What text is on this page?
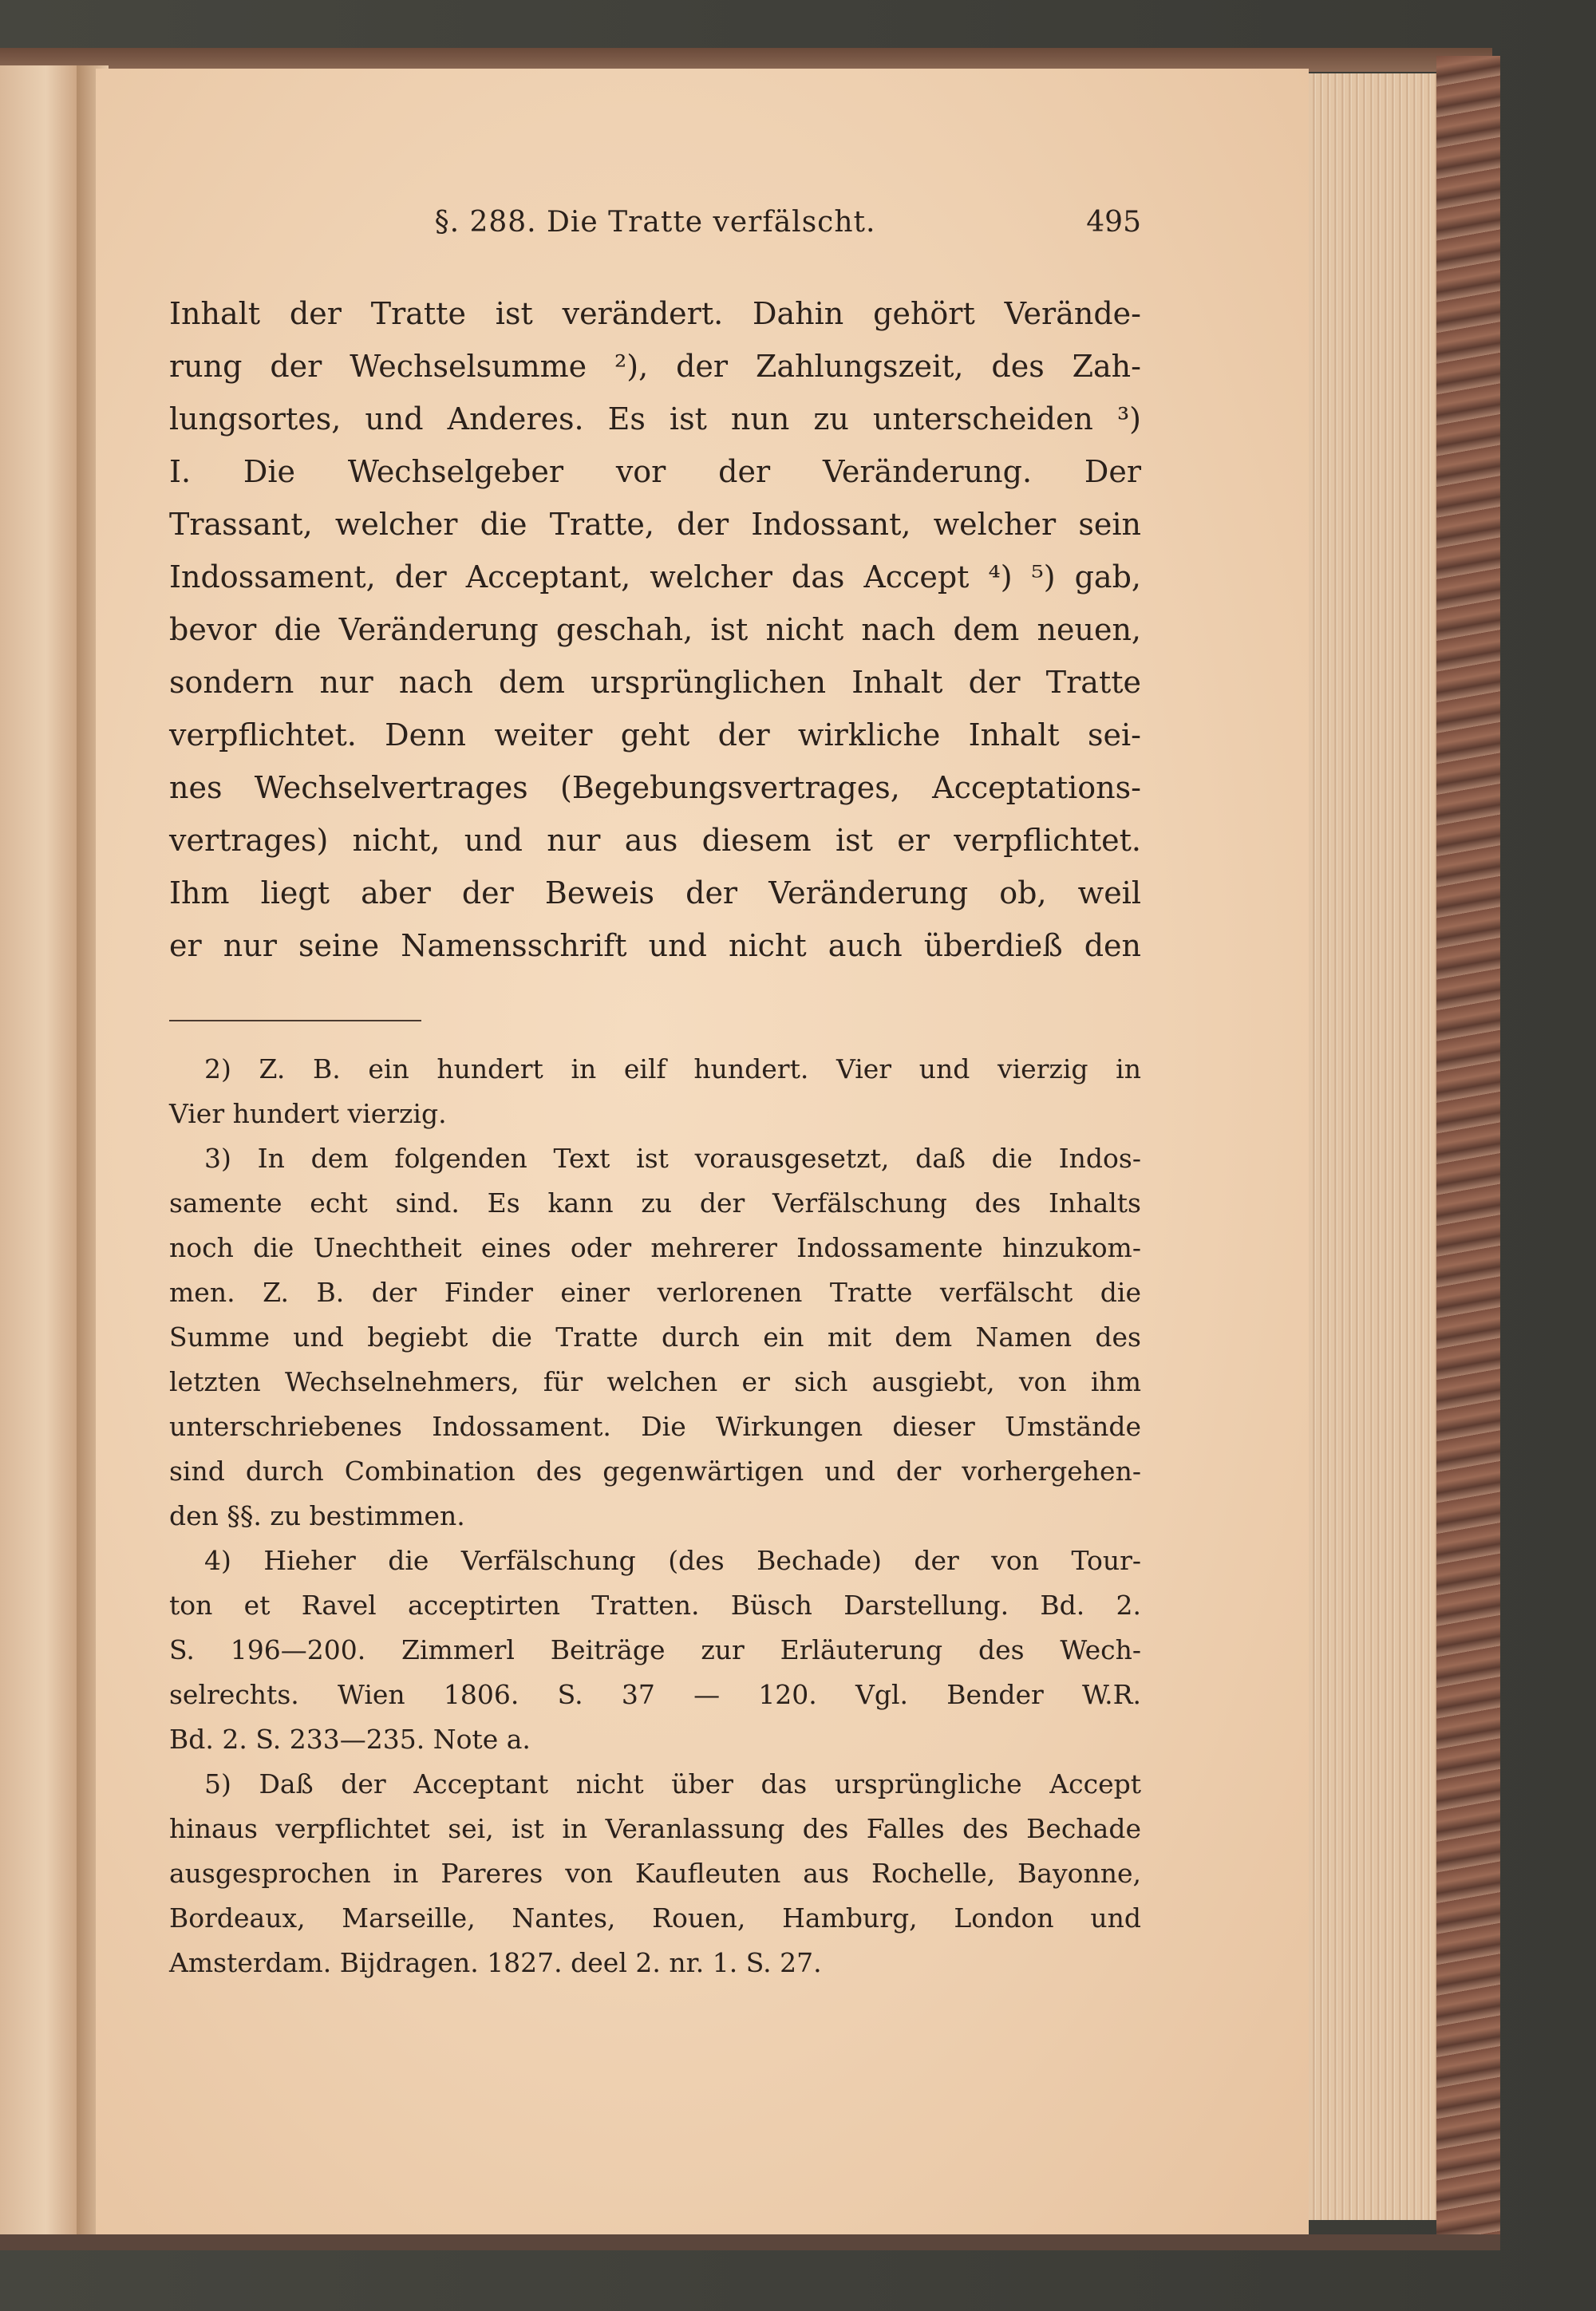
§. 288. Die Tratte verfälscht.	495
Inhalt der Tratte ist verändert. Dahin gehört Verände-
rung der Wechselsumme ²), der Zahlungszeit, des Zah-
lungsortes, und Anderes. Es ist nun zu unterscheiden ³)
I. Die Wechselgeber vor der Veränderung. Der
Trassant, welcher die Tratte, der Indossant, welcher sein
Indossament, der Acceptant, welcher das Accept ⁴) ⁵) gab,
bevor die Veränderung geschah, ist nicht nach dem neuen,
sondern nur nach dem ursprünglichen Inhalt der Tratte
verpflichtet. Denn weiter geht der wirkliche Inhalt sei-
nes Wechselvertrages (Begebungsvertrages, Acceptations-
vertrages) nicht, und nur aus diesem ist er verpflichtet.
Ihm liegt aber der Beweis der Veränderung ob, weil
er nur seine Namensschrift und nicht auch überdieß den
2) Z. B. ein hundert in eilf hundert. Vier und vierzig in
Vier hundert vierzig.
3) In dem folgenden Text ist vorausgesetzt, daß die Indos-
samente echt sind. Es kann zu der Verfälschung des Inhalts
noch die Unechtheit eines oder mehrerer Indossamente hinzukom-
men. Z. B. der Finder einer verlorenen Tratte verfälscht die
Summe und begiebt die Tratte durch ein mit dem Namen des
letzten Wechselnehmers, für welchen er sich ausgiebt, von ihm
unterschriebenes Indossament. Die Wirkungen dieser Umstände
sind durch Combination des gegenwärtigen und der vorhergehen-
den §§. zu bestimmen.
4) Hieher die Verfälschung (des Bechade) der von Tour-
ton et Ravel acceptirten Tratten. Büsch Darstellung. Bd. 2.
S. 196—200. Zimmerl Beiträge zur Erläuterung des Wech-
selrechts. Wien 1806. S. 37 — 120. Vgl. Bender W.R.
Bd. 2. S. 233—235. Note a.
5) Daß der Acceptant nicht über das ursprüngliche Accept
hinaus verpflichtet sei, ist in Veranlassung des Falles des Bechade
ausgesprochen in Pareres von Kaufleuten aus Rochelle, Bayonne,
Bordeaux, Marseille, Nantes, Rouen, Hamburg, London und
Amsterdam. Bijdragen. 1827. deel 2. nr. 1. S. 27.
